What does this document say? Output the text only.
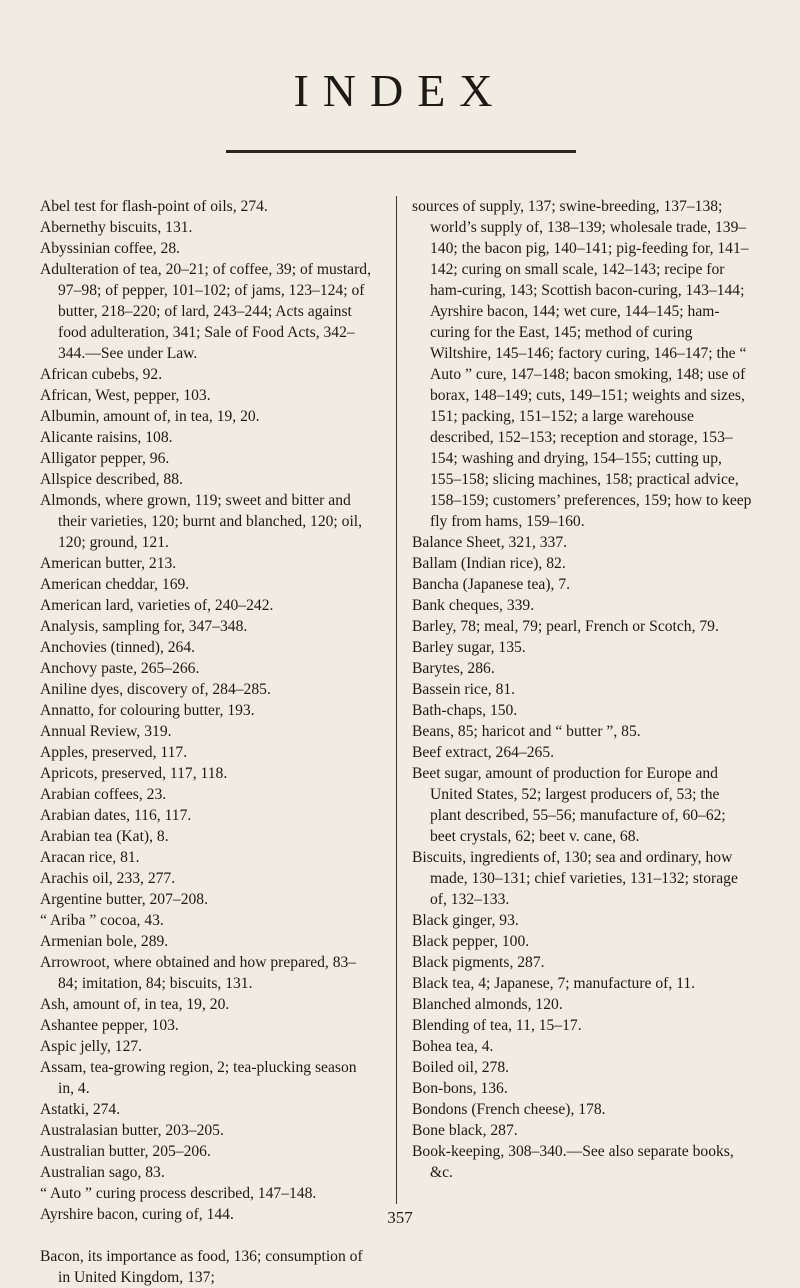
INDEX

Abel test for flash-point of oils, 274.

Abernethy biscuits, 131.

Abyssinian coffee, 28.

Adulteration of tea, 20–21; of coffee, 39; of mustard, 97–98; of pepper, 101–102; of jams, 123–124; of butter, 218–220; of lard, 243–244; Acts against food adulteration, 341; Sale of Food Acts, 342–344.—See under Law.

African cubebs, 92.

African, West, pepper, 103.

Albumin, amount of, in tea, 19, 20.

Alicante raisins, 108.

Alligator pepper, 96.

Allspice described, 88.

Almonds, where grown, 119; sweet and bitter and their varieties, 120; burnt and blanched, 120; oil, 120; ground, 121.

American butter, 213.

American cheddar, 169.

American lard, varieties of, 240–242.

Analysis, sampling for, 347–348.

Anchovies (tinned), 264.

Anchovy paste, 265–266.

Aniline dyes, discovery of, 284–285.

Annatto, for colouring butter, 193.

Annual Review, 319.

Apples, preserved, 117.

Apricots, preserved, 117, 118.

Arabian coffees, 23.

Arabian dates, 116, 117.

Arabian tea (Kat), 8.

Aracan rice, 81.

Arachis oil, 233, 277.

Argentine butter, 207–208.

“ Ariba ” cocoa, 43.

Armenian bole, 289.

Arrowroot, where obtained and how prepared, 83–84; imitation, 84; biscuits, 131.

Ash, amount of, in tea, 19, 20.

Ashantee pepper, 103.

Aspic jelly, 127.

Assam, tea-growing region, 2; tea-plucking season in, 4.

Astatki, 274.

Australasian butter, 203–205.

Australian butter, 205–206.

Australian sago, 83.

“ Auto ” curing process described, 147–148.

Ayrshire bacon, curing of, 144.

Bacon, its importance as food, 136; consumption of in United Kingdom, 137;

sources of supply, 137; swine-breeding, 137–138; world’s supply of, 138–139; wholesale trade, 139–140; the bacon pig, 140–141; pig-feeding for, 141–142; curing on small scale, 142–143; recipe for ham-curing, 143; Scottish bacon-curing, 143–144; Ayrshire bacon, 144; wet cure, 144–145; ham-curing for the East, 145; method of curing Wiltshire, 145–146; factory curing, 146–147; the “ Auto ” cure, 147–148; bacon smoking, 148; use of borax, 148–149; cuts, 149–151; weights and sizes, 151; packing, 151–152; a large warehouse described, 152–153; reception and storage, 153–154; washing and drying, 154–155; cutting up, 155–158; slicing machines, 158; practical advice, 158–159; customers’ preferences, 159; how to keep fly from hams, 159–160.

Balance Sheet, 321, 337.

Ballam (Indian rice), 82.

Bancha (Japanese tea), 7.

Bank cheques, 339.

Barley, 78; meal, 79; pearl, French or Scotch, 79.

Barley sugar, 135.

Barytes, 286.

Bassein rice, 81.

Bath-chaps, 150.

Beans, 85; haricot and “ butter ”, 85.

Beef extract, 264–265.

Beet sugar, amount of production for Europe and United States, 52; largest producers of, 53; the plant described, 55–56; manufacture of, 60–62; beet crystals, 62; beet v. cane, 68.

Biscuits, ingredients of, 130; sea and ordinary, how made, 130–131; chief varieties, 131–132; storage of, 132–133.

Black ginger, 93.

Black pepper, 100.

Black pigments, 287.

Black tea, 4; Japanese, 7; manufacture of, 11.

Blanched almonds, 120.

Blending of tea, 11, 15–17.

Bohea tea, 4.

Boiled oil, 278.

Bon-bons, 136.

Bondons (French cheese), 178.

Bone black, 287.

Book-keeping, 308–340.—See also separate books, &c.

357
